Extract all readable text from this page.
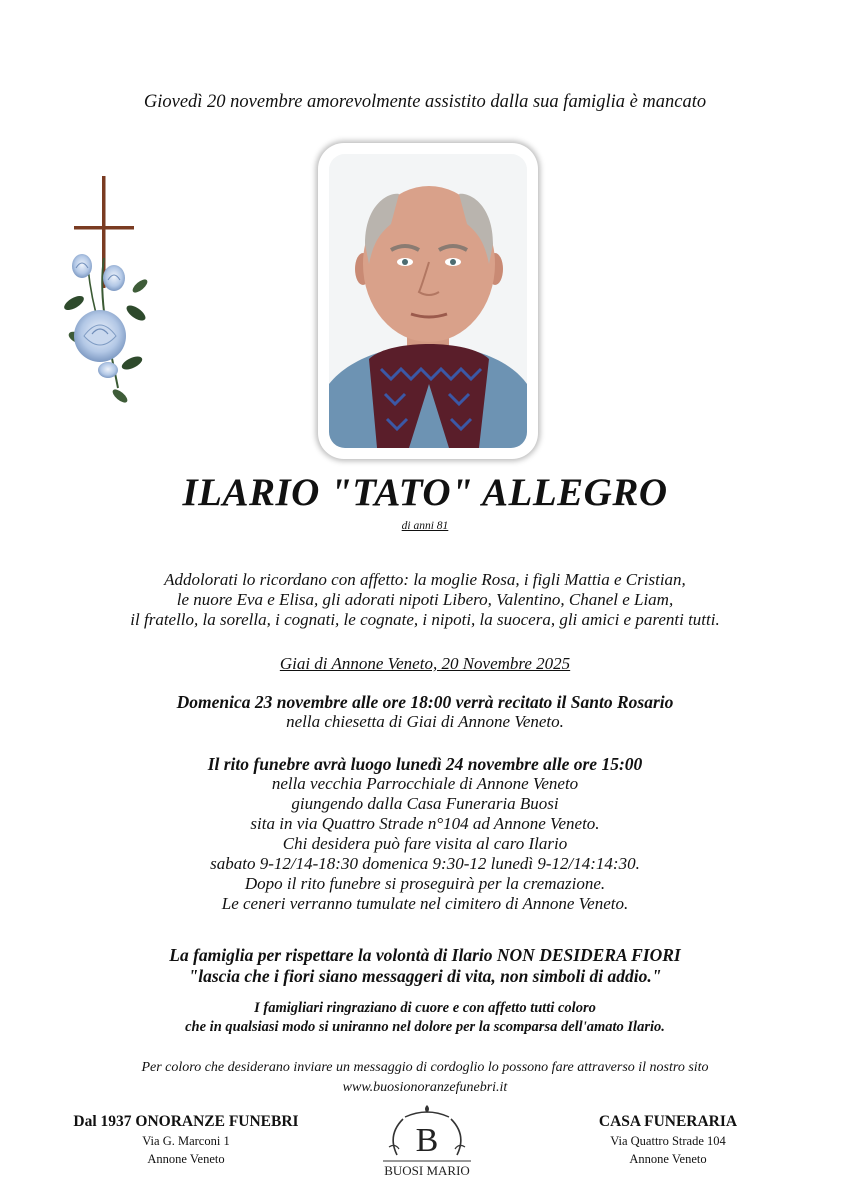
Giovedì 20 novembre amorevolmente assistito dalla sua famiglia è mancato
ILARIO "TATO" ALLEGRO
di anni 81
Addolorati lo ricordano con affetto: la moglie Rosa, i figli Mattia e Cristian,
le nuore Eva e Elisa, gli adorati nipoti Libero, Valentino, Chanel e Liam,
il fratello, la sorella, i cognati, le cognate, i nipoti, la suocera, gli amici e parenti tutti.
Giai di Annone Veneto, 20 Novembre 2025
Domenica 23 novembre alle ore 18:00 verrà recitato il Santo Rosario
nella chiesetta di Giai di Annone Veneto.
Il rito funebre avrà luogo lunedì 24 novembre alle ore 15:00
nella vecchia Parrocchiale di Annone Veneto
giungendo dalla Casa Funeraria Buosi
sita in via Quattro Strade n°104 ad Annone Veneto.
Chi desidera può fare visita al caro Ilario
sabato 9-12/14-18:30 domenica 9:30-12 lunedì 9-12/14:14:30.
Dopo il rito funebre si proseguirà per la cremazione.
Le ceneri verranno tumulate nel cimitero di Annone Veneto.
La famiglia per rispettare la volontà di Ilario NON DESIDERA FIORI
"lascia che i fiori siano messaggeri di vita, non simboli di addio."
I famigliari ringraziano di cuore e con affetto tutti coloro
che in qualsiasi modo si uniranno nel dolore per la scomparsa dell'amato Ilario.
Per coloro che desiderano inviare un messaggio di cordoglio lo possono fare attraverso il nostro sito
www.buosionoranzefunebri.it
Dal 1937 ONORANZE FUNEBRI
Via G. Marconi 1
Annone Veneto	B
BUOSI MARIO
CASA FUNERARIA
Via Quattro Strade 104
Annone Veneto
